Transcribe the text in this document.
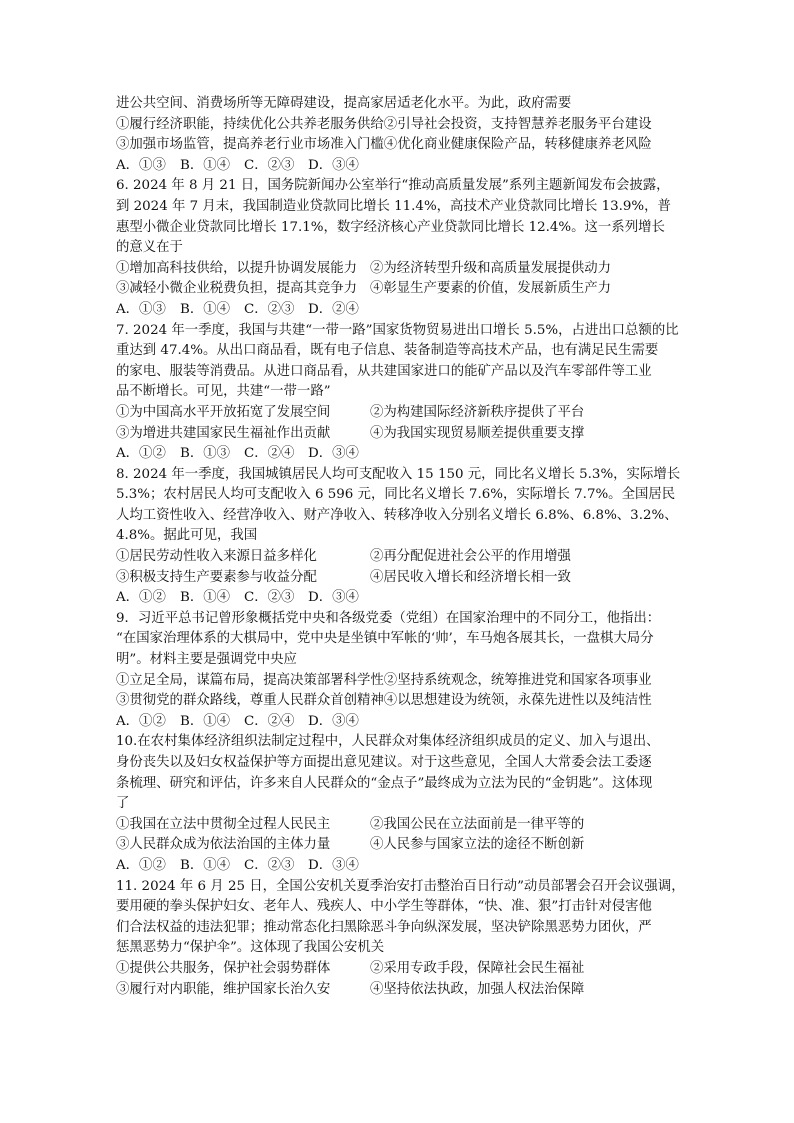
进公共空间、消费场所等无障碍建设，提高家居适老化水平。为此，政府需要
①履行经济职能，持续优化公共养老服务供给②引导社会投资，支持智慧养老服务平台建设
③加强市场监管，提高养老行业市场准入门槛④优化商业健康保险产品，转移健康养老风险
A．①③	B．①④	C．②③	D．③④
6. 2024 年 8 月 21 日，国务院新闻办公室举行“推动高质量发展”系列主题新闻发布会披露，
到 2024 年 7 月末，我国制造业贷款同比增长 11.4%，高技术产业贷款同比增长 13.9%，普
惠型小微企业贷款同比增长 17.1%，数字经济核心产业贷款同比增长 12.4%。这一系列增长
的意义在于
①增加高科技供给，以提升协调发展能力 ②为经济转型升级和高质量发展提供动力
③减轻小微企业税费负担，提高其竞争力 ④彰显生产要素的价值，发展新质生产力
A．①③	B．①④	C．②③	D．②④
7. 2024 年一季度，我国与共建“一带一路”国家货物贸易进出口增长 5.5%，占进出口总额的比
重达到 47.4%。从出口商品看，既有电子信息、装备制造等高技术产品，也有满足民生需要
的家电、服装等消费品。从进口商品看，从共建国家进口的能矿产品以及汽车零部件等工业
品不断增长。可见，共建“一带一路”
①为中国高水平开放拓宽了发展空间	②为构建国际经济新秩序提供了平台
③为增进共建国家民生福祉作出贡献	④为我国实现贸易顺差提供重要支撑
A．①②	B．①③	C．②④	D．③④
8. 2024 年一季度，我国城镇居民人均可支配收入 15 150 元，同比名义增长 5.3%，实际增长
5.3%；农村居民人均可支配收入 6 596 元，同比名义增长 7.6%，实际增长 7.7%。全国居民
人均工资性收入、经营净收入、财产净收入、转移净收入分别名义增长 6.8%、6.8%、3.2%、
4.8%。据此可见，我国
①居民劳动性收入来源日益多样化	②再分配促进社会公平的作用增强
③积极支持生产要素参与收益分配	④居民收入增长和经济增长相一致
A．①②	B．①④	C．②③	D．③④
9．习近平总书记曾形象概括党中央和各级党委（党组）在国家治理中的不同分工，他指出：
“在国家治理体系的大棋局中，党中央是坐镇中军帐的‘帅’，车马炮各展其长，一盘棋大局分
明”。材料主要是强调党中央应
①立足全局，谋篇布局，提高决策部署科学性②坚持系统观念，统筹推进党和国家各项事业
③贯彻党的群众路线，尊重人民群众首创精神④以思想建设为统领，永葆先进性以及纯洁性
A．①②	B．①④	C．②④	D．③④
10.在农村集体经济组织法制定过程中，人民群众对集体经济组织成员的定义、加入与退出、
身份丧失以及妇女权益保护等方面提出意见建议。对于这些意见，全国人大常委会法工委逐
条梳理、研究和评估，许多来自人民群众的“金点子”最终成为立法为民的“金钥匙”。这体现
了
①我国在立法中贯彻全过程人民民主	②我国公民在立法面前是一律平等的
③人民群众成为依法治国的主体力量	④人民参与国家立法的途径不断创新
A．①②	B．①④	C．②③	D．③④
11. 2024 年 6 月 25 日，全国公安机关夏季治安打击整治百日行动”动员部署会召开会议强调，
要用硬的拳头保护妇女、老年人、残疾人、中小学生等群体，“快、准、狠”打击针对侵害他
们合法权益的违法犯罪；推动常态化扫黑除恶斗争向纵深发展，坚决铲除黑恶势力团伙，严
惩黑恶势力“保护伞”。这体现了我国公安机关
①提供公共服务，保护社会弱势群体	②采用专政手段，保障社会民生福祉
③履行对内职能，维护国家长治久安	④坚持依法执政，加强人权法治保障
